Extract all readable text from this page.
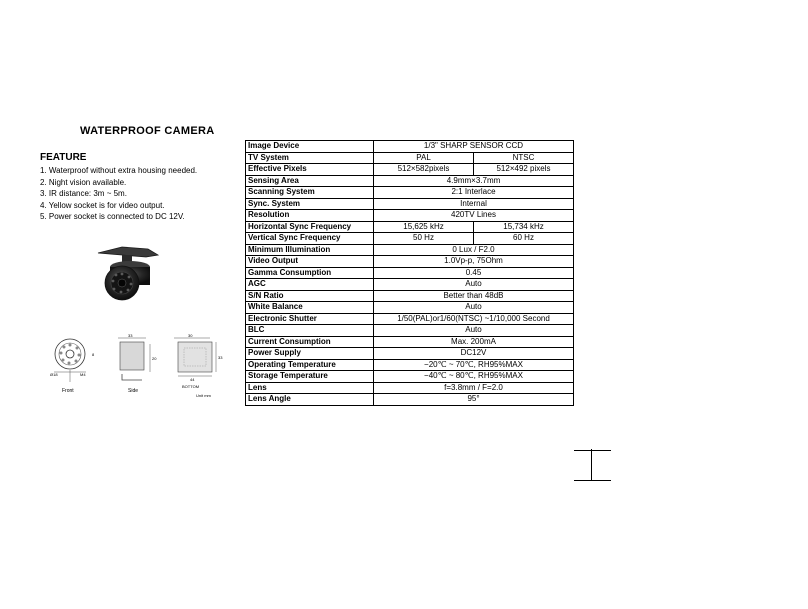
WATERPROOF CAMERA
FEATURE
1. Waterproof without extra housing needed.
2. Night vision available.
3. IR distance: 3m ~ 5m.
4. Yellow socket is for video output.
5. Power socket is connected to DC 12V.
Ø18	M4
8
Front
33
20
Side
30
33
44
BOTTOM
Unit mm
Image Device	1/3" SHARP SENSOR CCD	
TV System	PAL	NTSC
Effective Pixels	512×582pixels	512×492 pixels
Sensing Area	4.9mm×3.7mm	
Scanning System	2:1 Interlace	
Sync. System	Internal	
Resolution	420TV Lines	
Horizontal Sync Frequency	15,625 kHz	15,734 kHz
Vertical Sync Frequency	50 Hz	60 Hz
Minimum Illumination	0 Lux / F2.0	
Video Output	1.0Vp-p, 75Ohm	
Gamma Consumption	0.45	
AGC	Auto	
S/N Ratio	Better than 48dB	
White Balance	Auto	
Electronic Shutter	1/50(PAL)or1/60(NTSC) ~1/10,000 Second	
BLC	Auto	
Current Consumption	Max. 200mA	
Power Supply	DC12V	
Operating Temperature	−20℃ ~ 70℃, RH95%MAX	
Storage Temperature	−40℃ ~ 80℃, RH95%MAX	
Lens	f=3.8mm / F=2.0	
Lens Angle	95°	
